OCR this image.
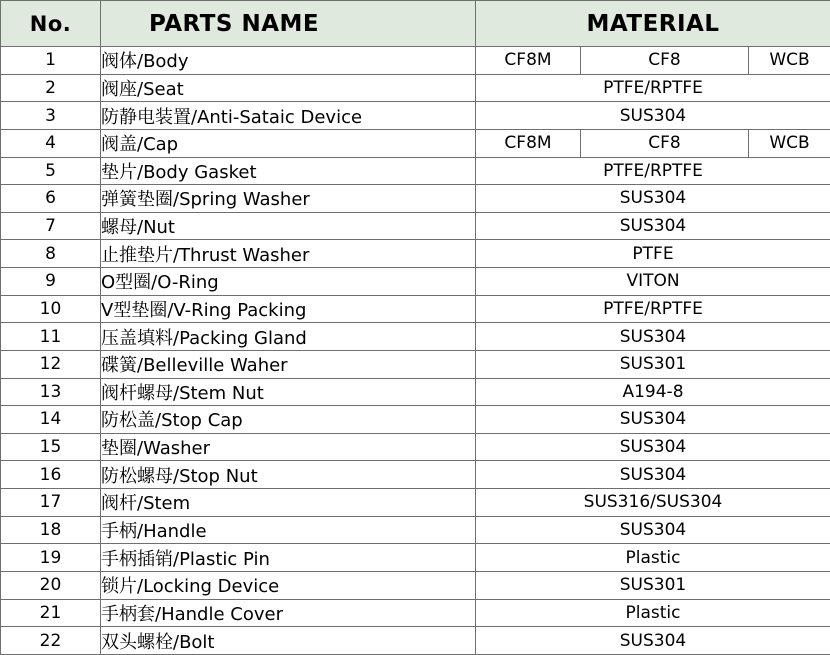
No.	PARTS NAME	MATERIAL		
1	阀体/Body	CF8M	CF8	WCB
2	阀座/Seat	PTFE/RPTFE		
3	防静电装置/Anti-Sataic Device	SUS304		
4	阀盖/Cap	CF8M	CF8	WCB
5	垫片/Body Gasket	PTFE/RPTFE		
6	弹簧垫圈/Spring Washer	SUS304		
7	螺母/Nut	SUS304		
8	止推垫片/Thrust Washer	PTFE		
9	O型圈/O-Ring	VITON		
10	V型垫圈/V-Ring Packing	PTFE/RPTFE		
11	压盖填料/Packing Gland	SUS304		
12	碟簧/Belleville Waher	SUS301		
13	阀杆螺母/Stem Nut	A194-8		
14	防松盖/Stop Cap	SUS304		
15	垫圈/Washer	SUS304		
16	防松螺母/Stop Nut	SUS304		
17	阀杆/Stem	SUS316/SUS304		
18	手柄/Handle	SUS304		
19	手柄插销/Plastic Pin	Plastic		
20	锁片/Locking Device	SUS301		
21	手柄套/Handle Cover	Plastic		
22	双头螺栓/Bolt	SUS304		
